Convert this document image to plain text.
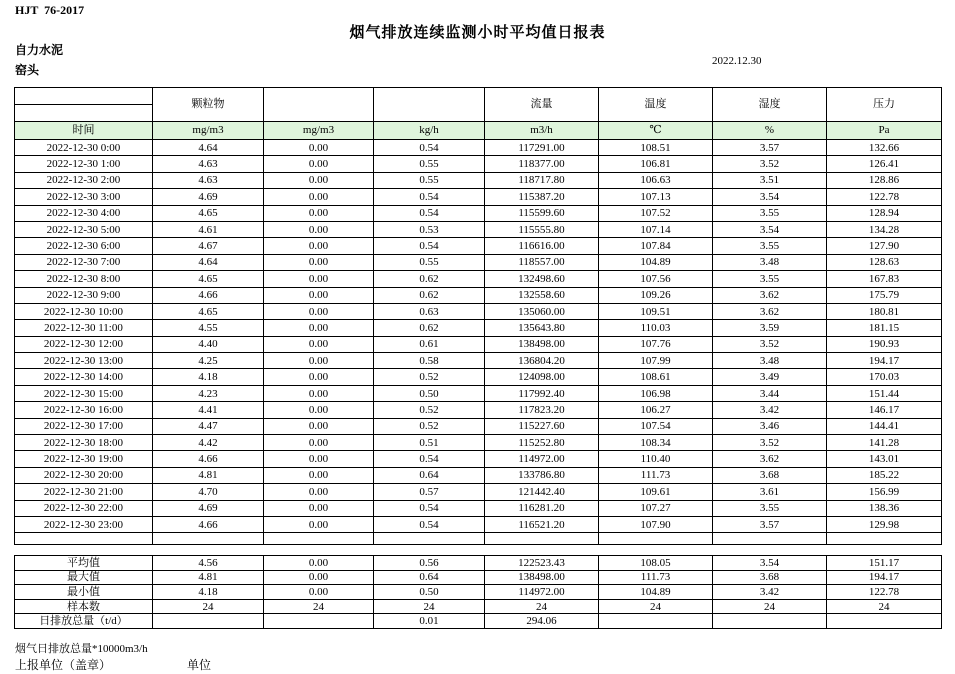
HJT  76-2017
烟气排放连续监测小时平均值日报表
自力水泥
窑头
2022.12.30
	颗粒物			流量	温度	湿度	压力
时间	mg/m3	mg/m3	kg/h	m3/h	℃	%	Pa
2022-12-30 0:00	4.64	0.00	0.54	117291.00	108.51	3.57	132.66
2022-12-30 1:00	4.63	0.00	0.55	118377.00	106.81	3.52	126.41
2022-12-30 2:00	4.63	0.00	0.55	118717.80	106.63	3.51	128.86
2022-12-30 3:00	4.69	0.00	0.54	115387.20	107.13	3.54	122.78
2022-12-30 4:00	4.65	0.00	0.54	115599.60	107.52	3.55	128.94
2022-12-30 5:00	4.61	0.00	0.53	115555.80	107.14	3.54	134.28
2022-12-30 6:00	4.67	0.00	0.54	116616.00	107.84	3.55	127.90
2022-12-30 7:00	4.64	0.00	0.55	118557.00	104.89	3.48	128.63
2022-12-30 8:00	4.65	0.00	0.62	132498.60	107.56	3.55	167.83
2022-12-30 9:00	4.66	0.00	0.62	132558.60	109.26	3.62	175.79
2022-12-30 10:00	4.65	0.00	0.63	135060.00	109.51	3.62	180.81
2022-12-30 11:00	4.55	0.00	0.62	135643.80	110.03	3.59	181.15
2022-12-30 12:00	4.40	0.00	0.61	138498.00	107.76	3.52	190.93
2022-12-30 13:00	4.25	0.00	0.58	136804.20	107.99	3.48	194.17
2022-12-30 14:00	4.18	0.00	0.52	124098.00	108.61	3.49	170.03
2022-12-30 15:00	4.23	0.00	0.50	117992.40	106.98	3.44	151.44
2022-12-30 16:00	4.41	0.00	0.52	117823.20	106.27	3.42	146.17
2022-12-30 17:00	4.47	0.00	0.52	115227.60	107.54	3.46	144.41
2022-12-30 18:00	4.42	0.00	0.51	115252.80	108.34	3.52	141.28
2022-12-30 19:00	4.66	0.00	0.54	114972.00	110.40	3.62	143.01
2022-12-30 20:00	4.81	0.00	0.64	133786.80	111.73	3.68	185.22
2022-12-30 21:00	4.70	0.00	0.57	121442.40	109.61	3.61	156.99
2022-12-30 22:00	4.69	0.00	0.54	116281.20	107.27	3.55	138.36
2022-12-30 23:00	4.66	0.00	0.54	116521.20	107.90	3.57	129.98

平均值	4.56	0.00	0.56	122523.43	108.05	3.54	151.17
最大值	4.81	0.00	0.64	138498.00	111.73	3.68	194.17
最小值	4.18	0.00	0.50	114972.00	104.89	3.42	122.78
样本数	24	24	24	24	24	24	24
日排放总量（t/d）			0.01	294.06			
烟气日排放总量*10000m3/h
上报单位（盖章）	单位
